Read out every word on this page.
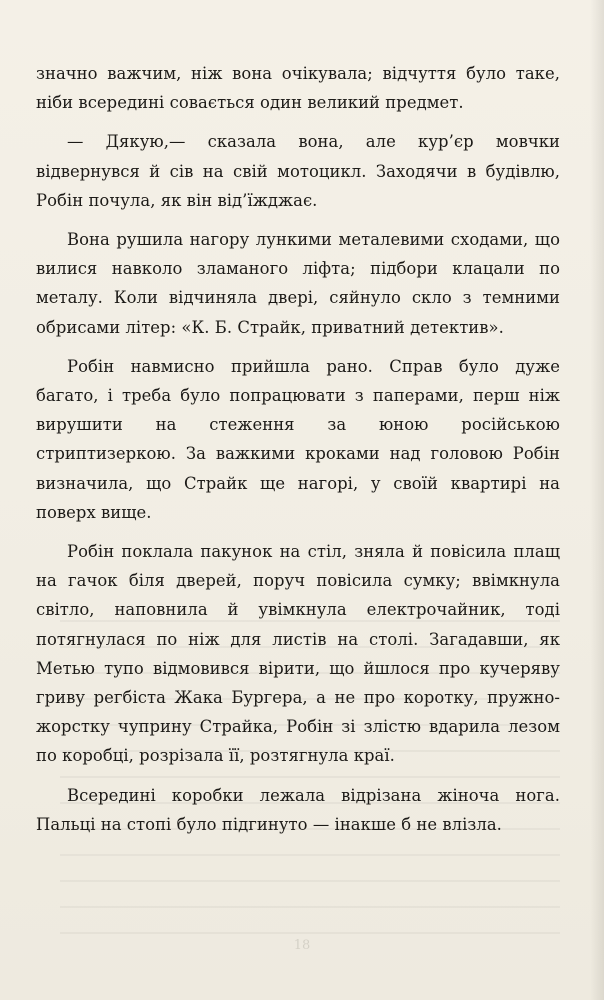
значно важчим, ніж вона очікувала; відчуття було таке, ніби всередині совається один великий предмет.

— Дякую,— сказала вона, але кур’єр мовчки відвернувся й сів на свій мотоцикл. Заходячи в будівлю, Робін почула, як він від’їжджає.

Вона рушила нагору лункими металевими сходами, що вилися навколо зламаного ліфта; підбори клацали по металу. Коли відчиняла двері, сяйнуло скло з темними обрисами літер: «К. Б. Страйк, приватний детектив».

Робін навмисно прийшла рано. Справ було дуже багато, і треба було попрацювати з паперами, перш ніж вирушити на стеження за юною російською стриптизеркою. За важкими кроками над головою Робін визначила, що Страйк ще нагорі, у своїй квартирі на поверх вище.

Робін поклала пакунок на стіл, зняла й повісила плащ на гачок біля дверей, поруч повісила сумку; ввімкнула світло, наповнила й увімкнула електрочайник, тоді потягнулася по ніж для листів на столі. Загадавши, як Метью тупо відмовився вірити, що йшлося про кучеряву гриву регбіста Жака Бургера, а не про коротку, пружно-жорстку чуприну Страйка, Робін зі злістю вдарила лезом по коробці, розрізала її, розтягнула краї.

Всередині коробки лежала відрізана жіноча нога. Пальці на стопі було підгинуто — інакше б не влізла.

18
